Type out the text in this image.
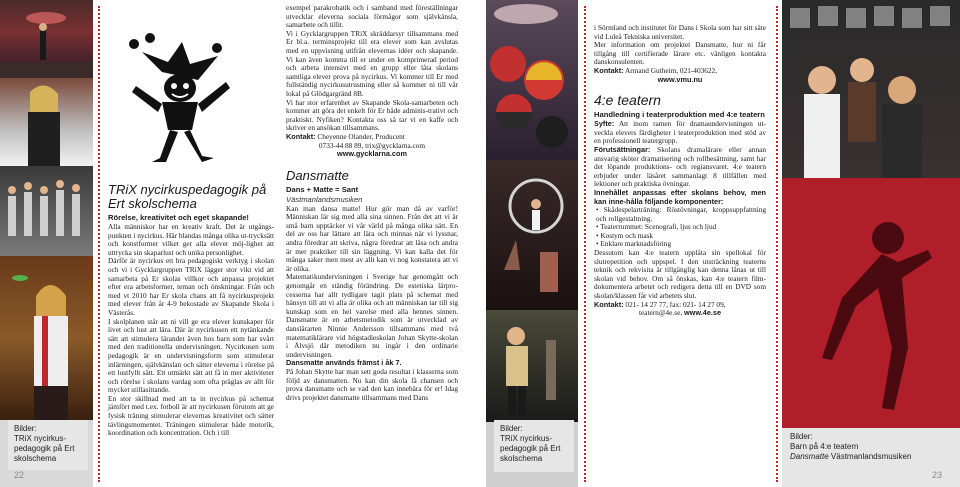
Bilder:
TRiX nycirkus-
pedagogik på Ert
skolschema
22
TRiX nycirkuspedagogik på
Ert skolschema
Rörelse, kreativitet och eget skapande!

Alla människor har en kreativ kraft. Det är utgångs-punkten i nycirkus. Här blandas många olika ut-trycksätt och konstformer vilket ger alla elever möj-lighet att uttrycka sin skaparlust och unika personlighet.

Därför är nycirkus ett bra pedagogiskt verktyg i skolan och vi i Gycklargruppen TRiX lägger stor vikt vid att samarbeta på Er skolas villkor och anpassa projektet efter era arbetsformer, teman och önskningar. Från och med vt 2010 har Er skola chans att få nycirkusprojekt med elever från år 4-9 bekostade av Skapande Skola i Västerås.

I skolplanen står att ni vill ge era elever kunskaper för livet och lust att lära. Där är nycirkusen ett nytänkande sätt att stimulera lärandet även hos barn som har svårt med den traditionella undervisningen. Nycirkusen som pedagogik är en undervisningsform som stimulerar inlärningen, självkänslan och sätter eleverna i rörelse på ett lustfyllt sätt. Ett utmärkt sätt att få in mer aktiviteter och rörelse i skolans vardag som ofta präglas av allt för mycket stillasittande.

En stor skillnad med att ta in nycirkus på schemat jämfört med t.ex. fotboll är att nycirkusen förutom att ge fysisk träning stimulerar elevernas kreativitet och sätter tävlingsmomentet. Träningen stimulerar både motorik, koordination och koncentration. Och i till

exempel parakrobatik och i samband med föreställningar utvecklar eleverna sociala förmågor som självkänsla, samarbete och tillit.

Vi i Gycklargruppen TRiX skräddarsyr tillsammans med Er bl.a. terminsprojekt till era elever som kan avslutas med en uppvisning utifrån elevernas idéer och skapande. Vi kan även komma till er under en komprimerad period och arbeta intensivt med en grupp eller låta skolans samtliga elever prova på nycirkus. Vi kommer till Er med fullständig nycirkusutrustning eller så kommer ni till vår lokal på Glödgargränd 8B.

Vi har stor erfarenhet av Skapande Skola-samarbeten och kommer att göra det enkelt för Er både adminis-trativt och praktiskt. Nyfiken? Kontakta oss så tar vi en kaffe och skriver en ansökan tillsammans.

Kontakt: Cheyenne Olander, Producent

0733-44 88 89, trix@gycklarna.com

www.gycklarna.com

Dansmatte
Dans + Matte = Sant
Västmanlandsmusiken

Kan man dansa matte! Hur gör man då av varför! Människan lär sig med alla sina sinnen. Från det att vi är små barn upptäcker vi vår värld på många olika sätt. En del av oss har lättare att lära och minnas när vi lyssnar, andra föredrar att skriva, några föredrar att läsa och andra är mer praktiker till sin läggning. Vi kan kalla det för många saker men mest av allt kan vi nog konstatera att vi är olika.

Matematikundervisningen i Sverige har genomgått och genomgår en ständig förändring. De estetiska lärpro-cesserna har allt tydligare tagit plats på schemat med hänsyn till att vi alla är olika och att människan tar till sig kunskap som en hel varelse med alla hennes sinnen. Dansmatte är en arbetsmetodik som är utvecklad av danslärarten Ninnie Andersson tillsammans med två matematiklärare vid högstadieskolan Johan Skytte-skolan i Älvsjö där metodiken nu ingår i den ordinarie undervisningen.

Dansmatte används främst i åk 7.

På Johan Skytte har man sett goda resultat i klasserna som följd av dansmatten. Nu kan din skola få chansen och prova dansmatte och se vad den kan innebära för er! Idag drivs projektet dansmatte tillsammans med Dans

Bilder:
TRiX nycirkus-
pedagogik på Ert
skolschema

i Sörmland och institutet för Dans i Skola som har sitt säte vid Luleå Tekniska universitet.

Mer information om projektet Dansmatte, hur ni får tillgång till certifierade lärare etc. vänligen kontakta danskonsulenten.

Kontakt: Armand Gutheim, 021-403622,

www.vmu.nu

4:e teatern
Handledning i teaterproduktion med 4:e teatern

Syfte: Att inom ramen för dramaundervisningen ut-veckla elevers färdigheter i teaterproduktion med stöd av en professionell teatergrupp.

Förutsättningar: Skolans dramalärare eller annan ansvarig sköter dramatisering och rollbesättning, samt har det löpande produktions- och regiansvaret. 4:e teatern erbjuder under läsåret sammanlagt 8 tillfällen med lektioner och praktiska övningar.

Innehållet anpassas efter skolans behov, men kan inne-hålla följande komponenter:

• Skådespelarträning: Röstövningar, kroppsuppfattning och rollgestaltning.

• Teaterrummet: Scenografi, ljus och ljud

• Kostym och mask

• Enklare marknadsföring

Dessutom kan 4:e teatern upplåta sin spellokal för slutrepetition och uppspel. I den utsträckning teaterns teknik och rekvisita är tillgänglig kan denna lånas ut till skolan vid behov. Om så önskas, kan 4:e teatern film-dokumentera arbetet och redigera detta till en DVD som skolan/klassen får vid arbetets slut.

Kontakt: 021- 14 27 77, fax: 021- 14 27 09,

teatern@4e.se, www.4e.se

Bilder:
Barn på 4:e teatern
Dansmatte Västmanlandsmusiken
23
